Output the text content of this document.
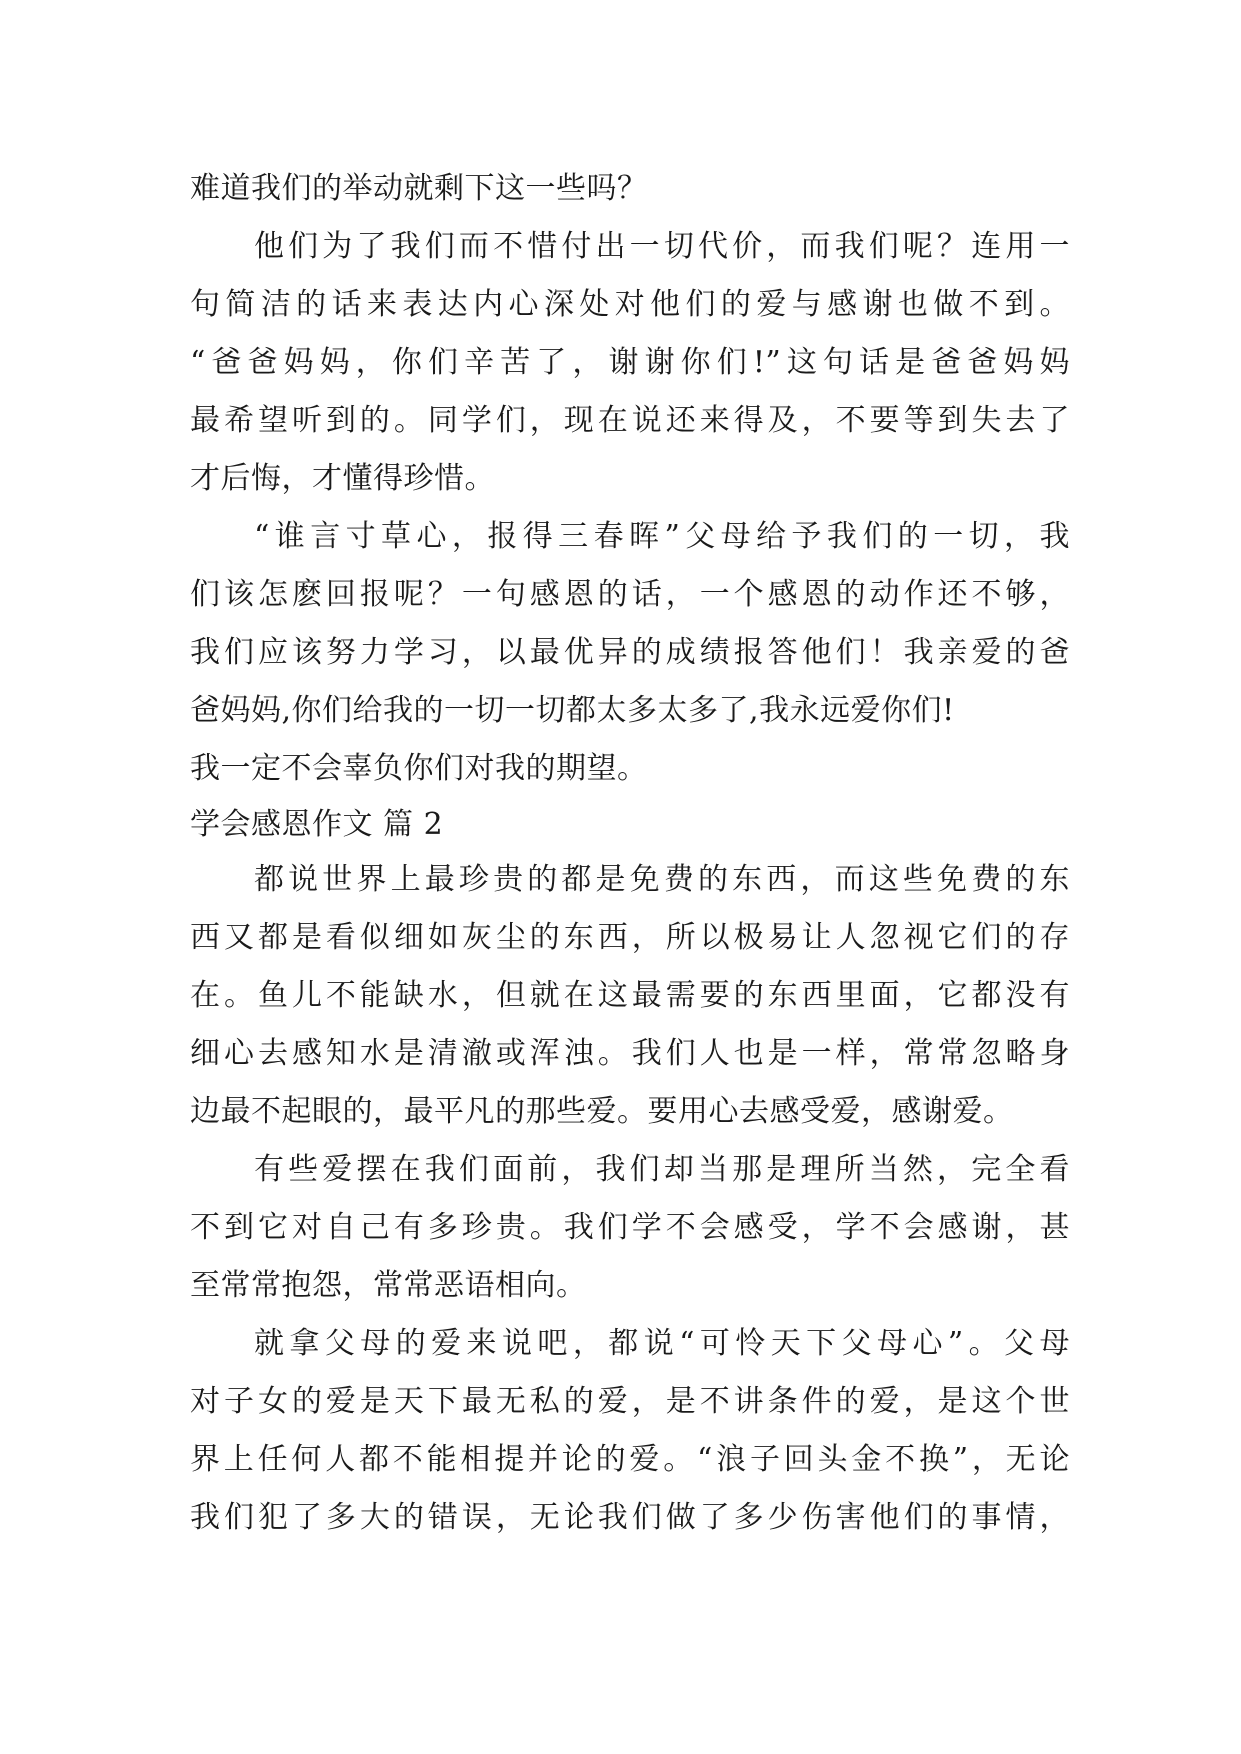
难道我们的举动就剩下这一些吗？
他们为了我们而不惜付出一切代价，而我们呢？连用一
句简洁的话来表达内心深处对他们的爱与感谢也做不到。
“爸爸妈妈，你们辛苦了，谢谢你们!”这句话是爸爸妈妈
最希望听到的。同学们，现在说还来得及，不要等到失去了
才后悔，才懂得珍惜。
“谁言寸草心，报得三春晖”父母给予我们的一切，我
们该怎麽回报呢？一句感恩的话，一个感恩的动作还不够，
我们应该努力学习，以最优异的成绩报答他们！我亲爱的爸
爸妈妈,你们给我的一切一切都太多太多了,我永远爱你们!
我一定不会辜负你们对我的期望。
学会感恩作文 篇 2
都说世界上最珍贵的都是免费的东西，而这些免费的东
西又都是看似细如灰尘的东西，所以极易让人忽视它们的存
在。鱼儿不能缺水，但就在这最需要的东西里面，它都没有
细心去感知水是清澈或浑浊。我们人也是一样，常常忽略身
边最不起眼的，最平凡的那些爱。要用心去感受爱，感谢爱。
有些爱摆在我们面前，我们却当那是理所当然，完全看
不到它对自己有多珍贵。我们学不会感受，学不会感谢，甚
至常常抱怨，常常恶语相向。
就拿父母的爱来说吧，都说“可怜天下父母心”。父母
对子女的爱是天下最无私的爱，是不讲条件的爱，是这个世
界上任何人都不能相提并论的爱。“浪子回头金不换”，无论
我们犯了多大的错误，无论我们做了多少伤害他们的事情，
